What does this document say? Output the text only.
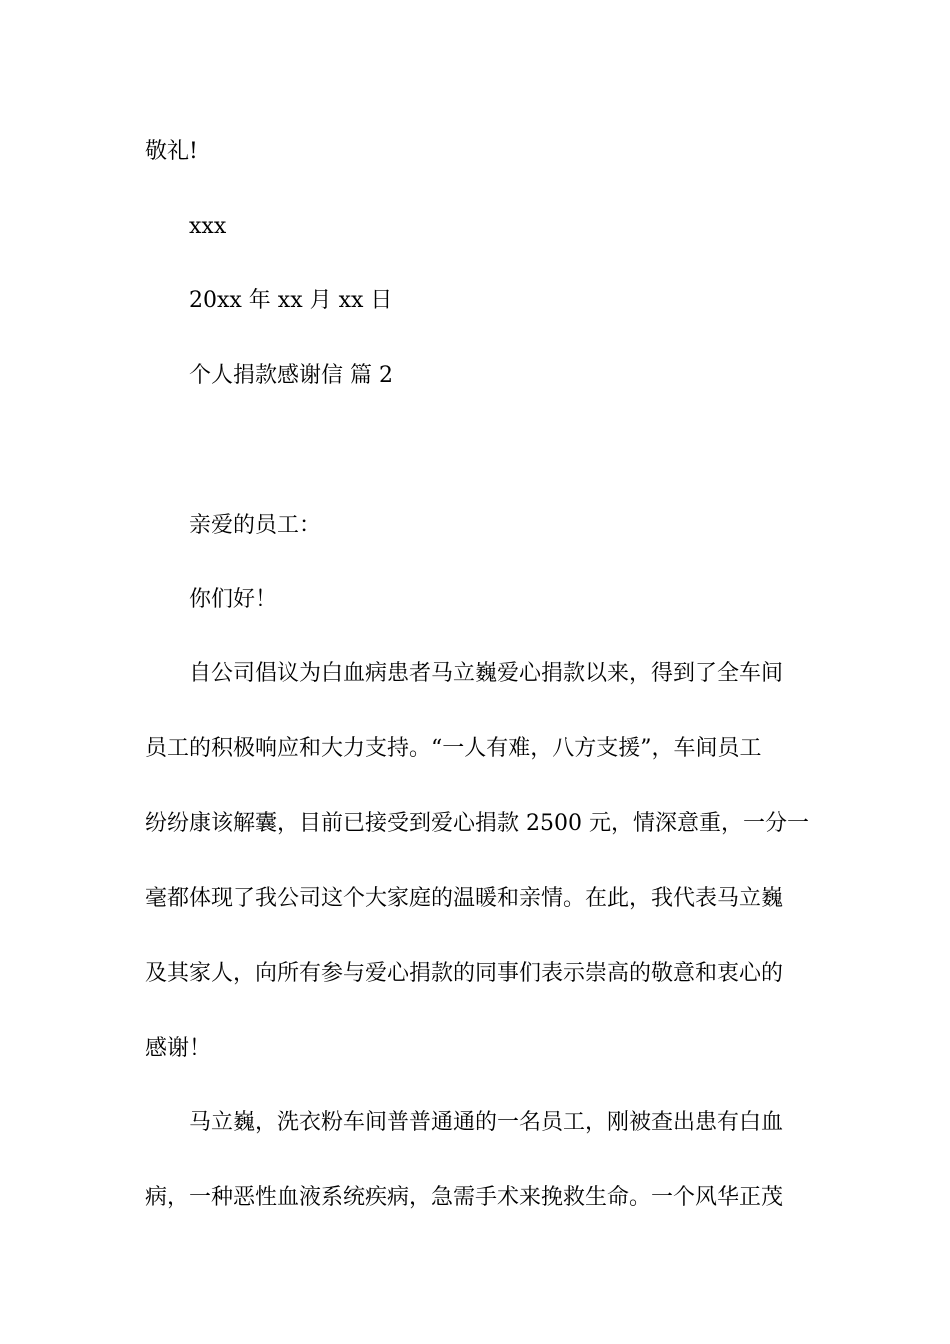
敬礼!
xxx
20xx 年 xx 月 xx 日
个人捐款感谢信 篇 2
亲爱的员工：
你们好！
自公司倡议为白血病患者马立巍爱心捐款以来，得到了全车间
员工的积极响应和大力支持。“一人有难，八方支援”，车间员工
纷纷康该解囊，目前已接受到爱心捐款 2500 元，情深意重，一分一
毫都体现了我公司这个大家庭的温暖和亲情。在此，我代表马立巍
及其家人，向所有参与爱心捐款的同事们表示崇高的敬意和衷心的
感谢！
马立巍，洗衣粉车间普普通通的一名员工，刚被查出患有白血
病，一种恶性血液系统疾病，急需手术来挽救生命。一个风华正茂
